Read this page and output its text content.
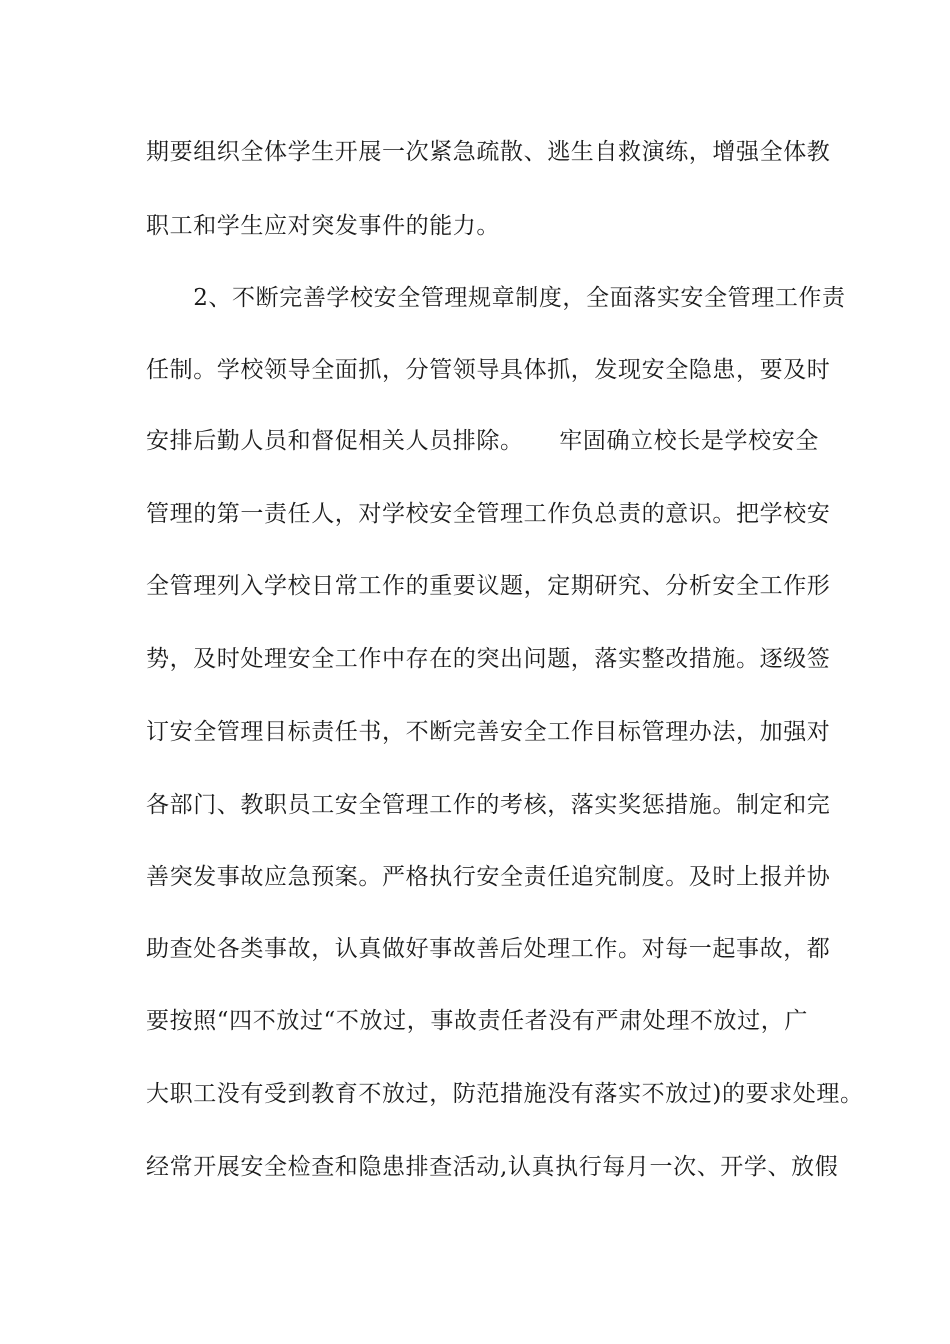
期要组织全体学生开展一次紧急疏散、逃生自救演练，增强全体教
职工和学生应对突发事件的能力。
　　2、不断完善学校安全管理规章制度，全面落实安全管理工作责
任制。学校领导全面抓，分管领导具体抓，发现安全隐患，要及时
安排后勤人员和督促相关人员排除。　　牢固确立校长是学校安全
管理的第一责任人，对学校安全管理工作负总责的意识。把学校安
全管理列入学校日常工作的重要议题，定期研究、分析安全工作形
势，及时处理安全工作中存在的突出问题，落实整改措施。逐级签
订安全管理目标责任书，不断完善安全工作目标管理办法，加强对
各部门、教职员工安全管理工作的考核，落实奖惩措施。制定和完
善突发事故应急预案。严格执行安全责任追究制度。及时上报并协
助查处各类事故，认真做好事故善后处理工作。对每一起事故，都
要按照“四不放过“不放过，事故责任者没有严肃处理不放过，广
大职工没有受到教育不放过，防范措施没有落实不放过)的要求处理。
经常开展安全检查和隐患排查活动,认真执行每月一次、开学、放假
